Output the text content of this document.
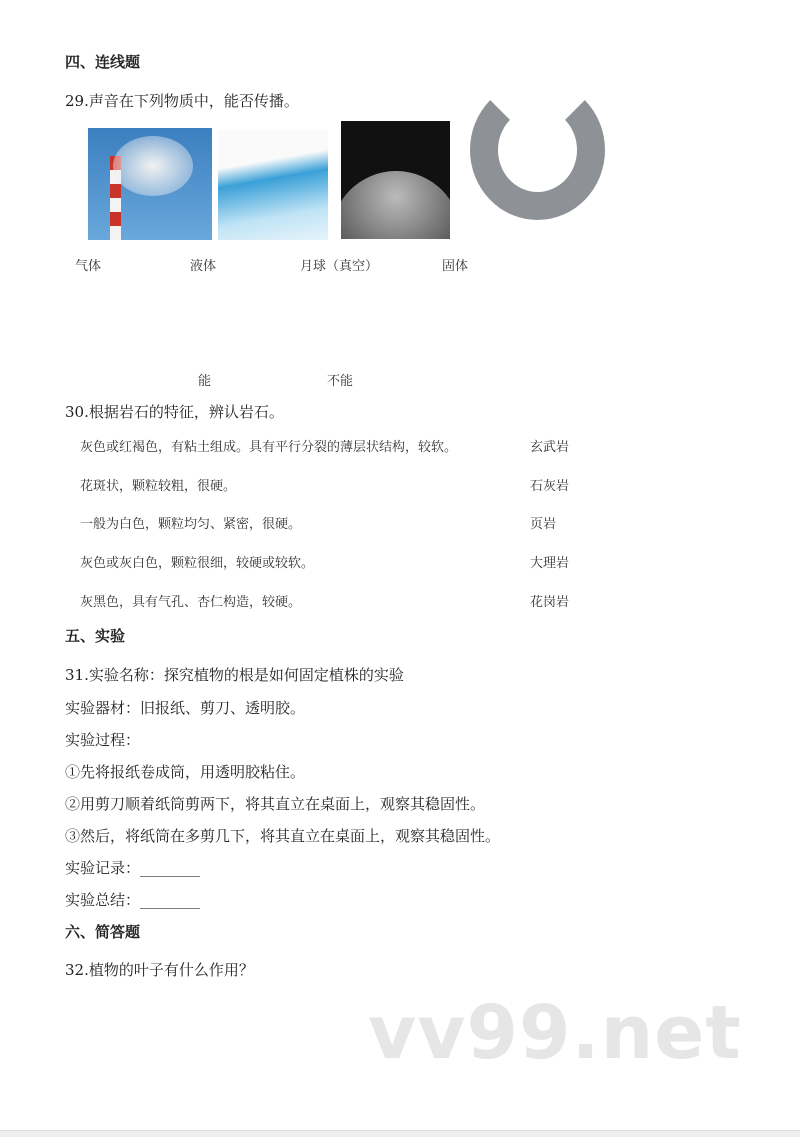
四、连线题
29.声音在下列物质中，能否传播。
气体	液体	月球（真空）	固体
能	不能
30.根据岩石的特征，辨认岩石。
灰色或红褐色，有粘土组成。具有平行分裂的薄层状结构，较软。
花斑状，颗粒较粗，很硬。
一般为白色，颗粒均匀、紧密，很硬。
灰色或灰白色，颗粒很细，较硬或较软。
灰黑色，具有气孔、杏仁构造，较硬。
玄武岩
石灰岩
页岩
大理岩
花岗岩
五、实验
31.实验名称：探究植物的根是如何固定植株的实验
实验器材：旧报纸、剪刀、透明胶。
实验过程：
①先将报纸卷成筒，用透明胶粘住。
②用剪刀顺着纸筒剪两下，将其直立在桌面上，观察其稳固性。
③然后，将纸筒在多剪几下，将其直立在桌面上，观察其稳固性。
实验记录：________
实验总结：________
六、简答题
32.植物的叶子有什么作用？
vv99.net
